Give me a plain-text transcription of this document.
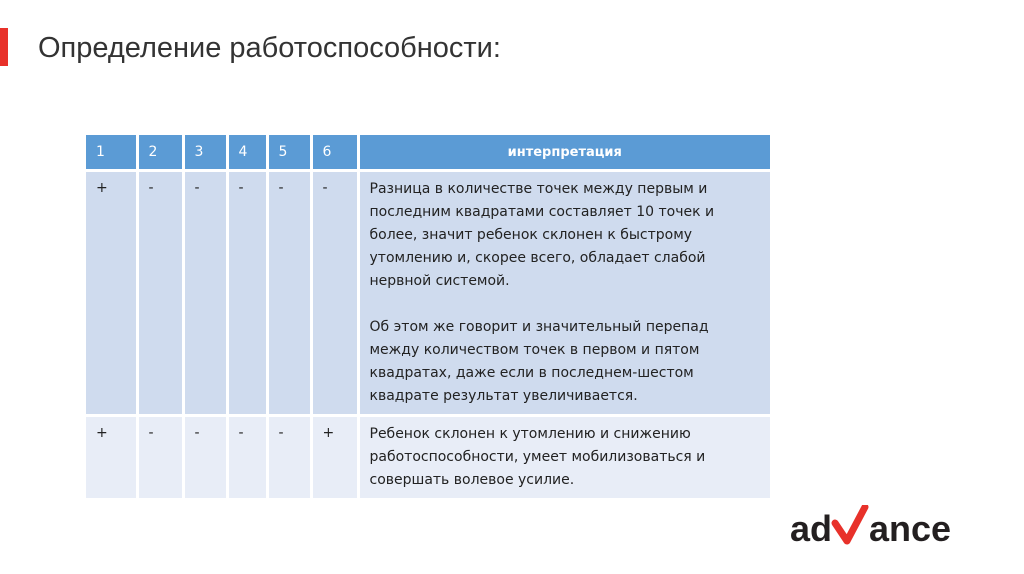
Определение работоспособности:
1	2	3	4	5	6	интерпретация
+	-	-	-	-	-	Разница в количестве точек между первым и последним квадратами составляет 10 точек и более, значит ребенок склонен к быстрому утомлению и, скорее всего, обладает слабой нервной системой.

Об этом же говорит и значительный перепад между количеством точек в первом и пятом квадратах, даже если в последнем-шестом квадрате результат увеличивается.

+	-	-	-	-	+	Ребенок склонен к утомлению и снижению работоспособности, умеет мобилизоваться и совершать волевое усилие.

ad ance
